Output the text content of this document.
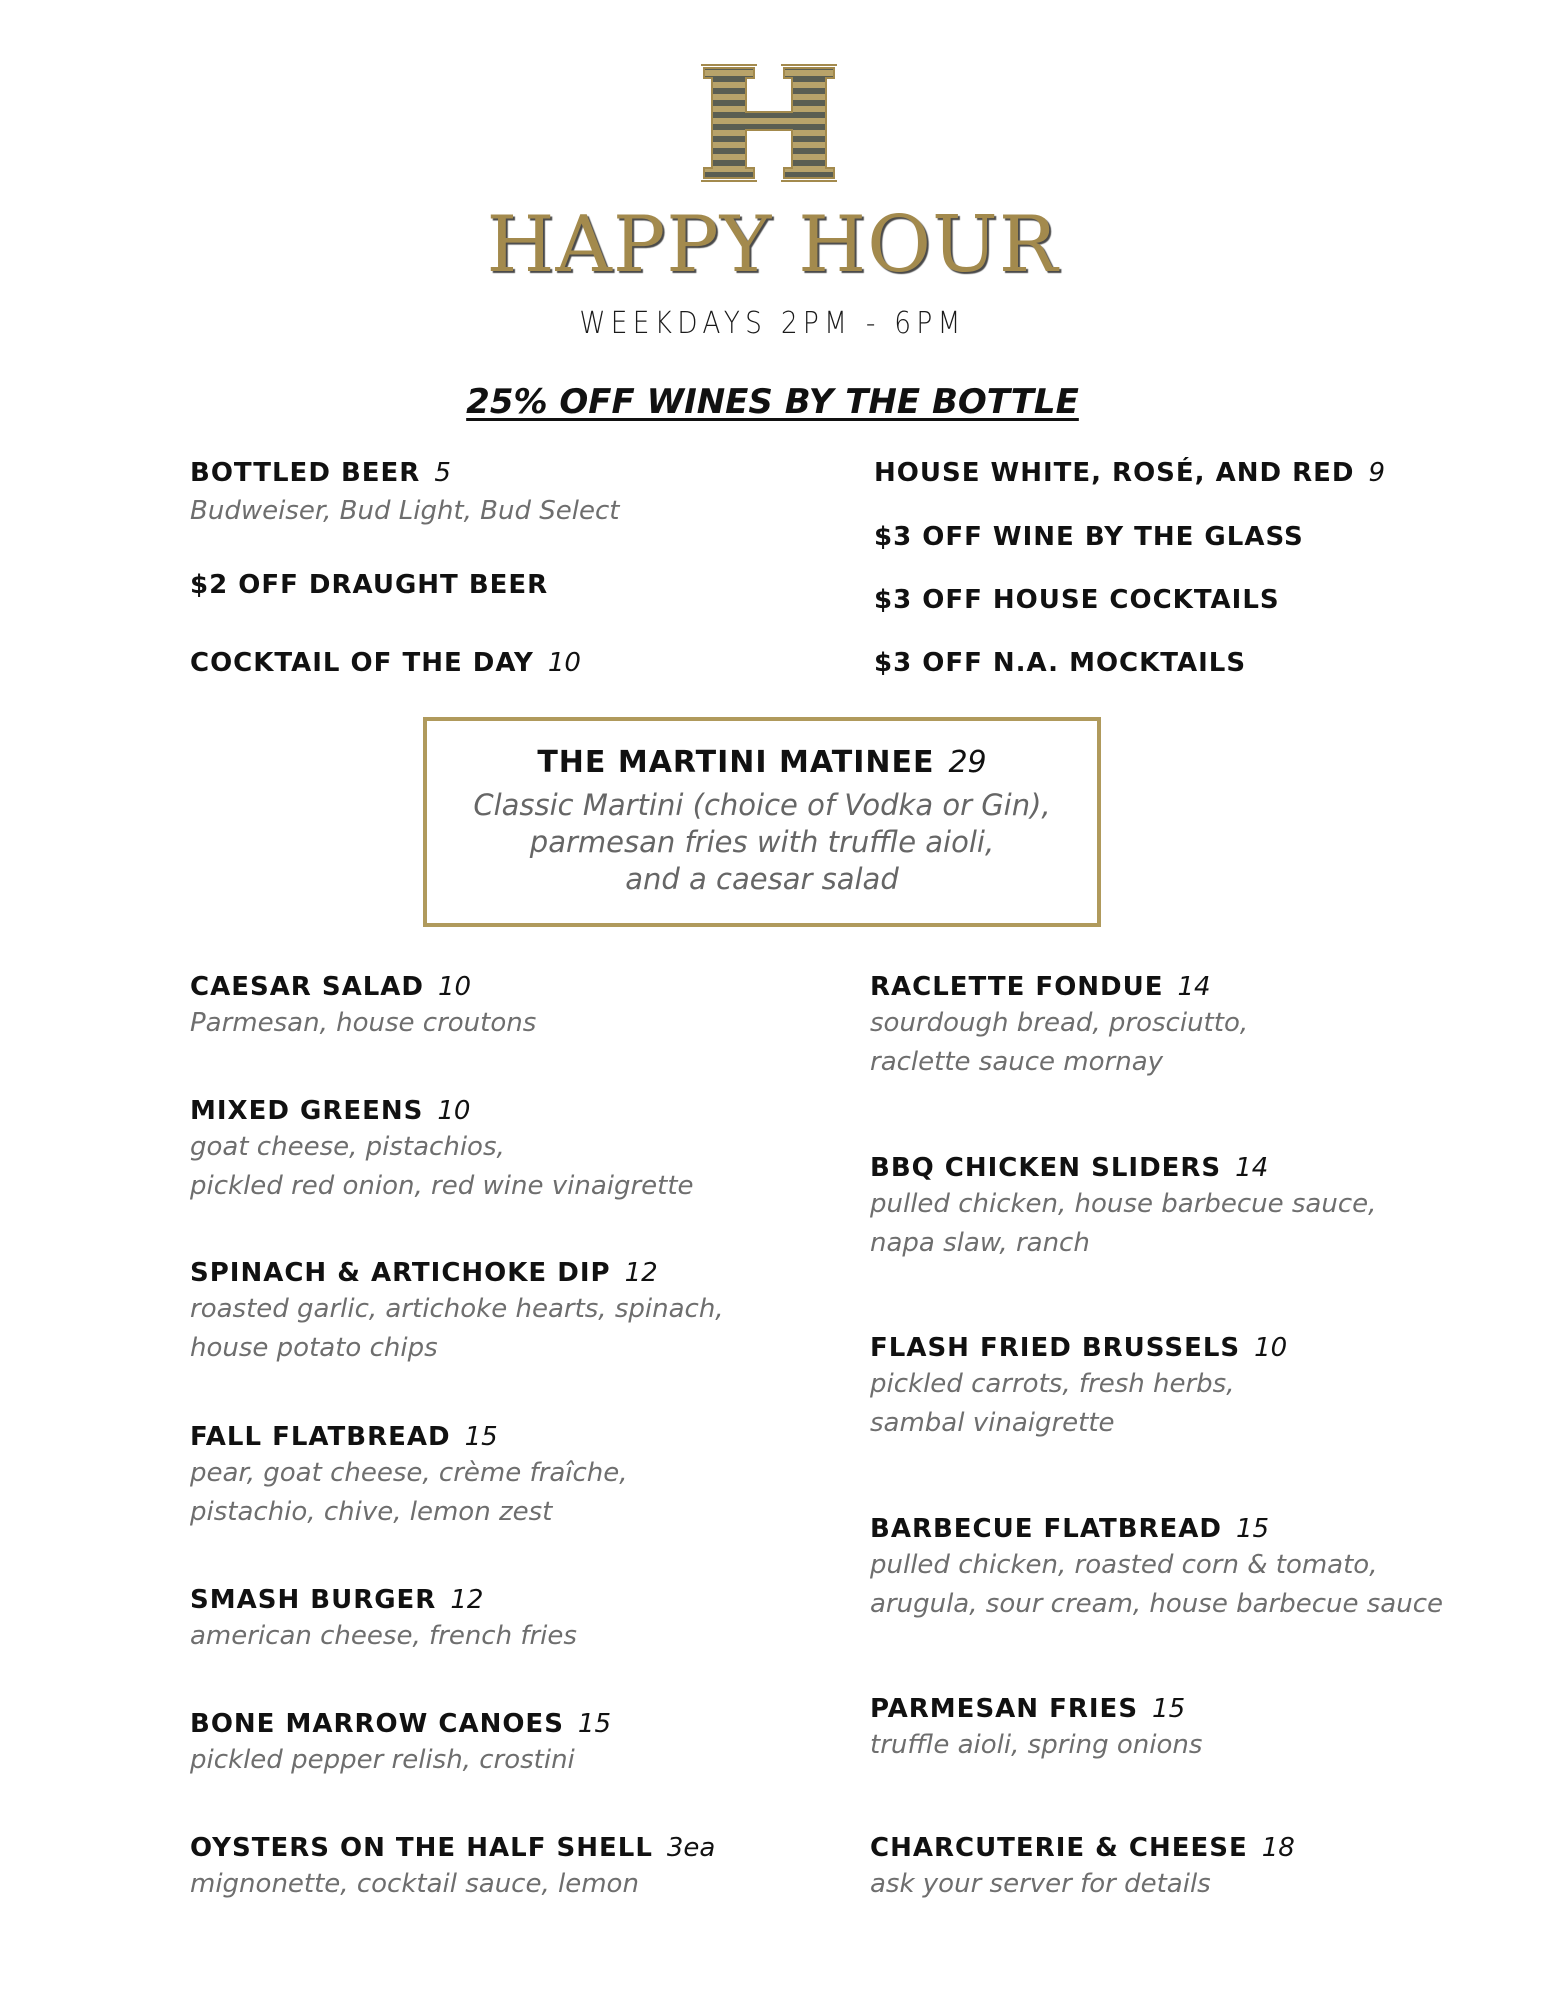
HAPPY HOUR
WEEKDAYS 2PM - 6PM
25% OFF WINES BY THE BOTTLE
BOTTLED BEER 5
Budweiser, Bud Light, Bud Select
$2 OFF DRAUGHT BEER
COCKTAIL OF THE DAY 10
HOUSE WHITE, ROSÉ, AND RED 9
$3 OFF WINE BY THE GLASS
$3 OFF HOUSE COCKTAILS
$3 OFF N.A. MOCKTAILS
THE MARTINI MATINEE 29
Classic Martini (choice of Vodka or Gin),
parmesan fries with truffle aioli,
and a caesar salad
CAESAR SALAD 10
Parmesan, house croutons
MIXED GREENS 10
goat cheese, pistachios,
pickled red onion, red wine vinaigrette
SPINACH & ARTICHOKE DIP 12
roasted garlic, artichoke hearts, spinach,
house potato chips
FALL FLATBREAD 15
pear, goat cheese, crème fraîche,
pistachio, chive, lemon zest
SMASH BURGER 12
american cheese, french fries
BONE MARROW CANOES 15
pickled pepper relish, crostini
OYSTERS ON THE HALF SHELL 3ea
mignonette, cocktail sauce, lemon
RACLETTE FONDUE 14
sourdough bread, prosciutto,
raclette sauce mornay
BBQ CHICKEN SLIDERS 14
pulled chicken, house barbecue sauce,
napa slaw, ranch
FLASH FRIED BRUSSELS 10
pickled carrots, fresh herbs,
sambal vinaigrette
BARBECUE FLATBREAD 15
pulled chicken, roasted corn & tomato,
arugula, sour cream, house barbecue sauce
PARMESAN FRIES 15
truffle aioli, spring onions
CHARCUTERIE & CHEESE 18
ask your server for details
